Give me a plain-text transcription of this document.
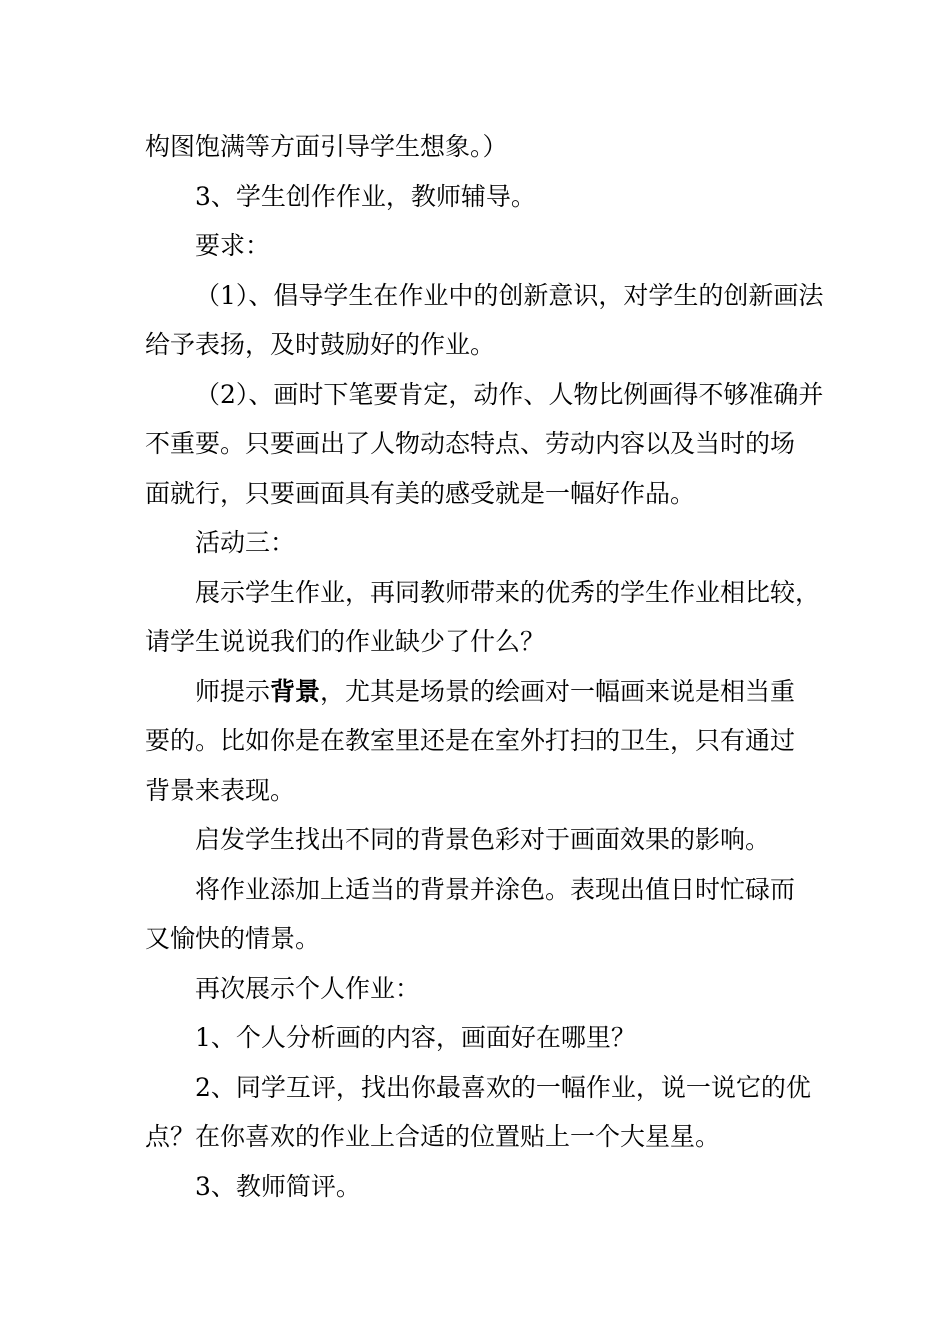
构图饱满等方面引导学生想象。）
3、学生创作作业，教师辅导。
要求：
（1）、倡导学生在作业中的创新意识，对学生的创新画法
给予表扬，及时鼓励好的作业。
（2）、画时下笔要肯定，动作、人物比例画得不够准确并
不重要。只要画出了人物动态特点、劳动内容以及当时的场
面就行，只要画面具有美的感受就是一幅好作品。
活动三：
展示学生作业，再同教师带来的优秀的学生作业相比较，
请学生说说我们的作业缺少了什么？
师提示背景，尤其是场景的绘画对一幅画来说是相当重
要的。比如你是在教室里还是在室外打扫的卫生，只有通过
背景来表现。
启发学生找出不同的背景色彩对于画面效果的影响。
将作业添加上适当的背景并涂色。表现出值日时忙碌而
又愉快的情景。
再次展示个人作业：
1、个人分析画的内容，画面好在哪里？
2、同学互评，找出你最喜欢的一幅作业，说一说它的优
点？在你喜欢的作业上合适的位置贴上一个大星星。
3、教师简评。
